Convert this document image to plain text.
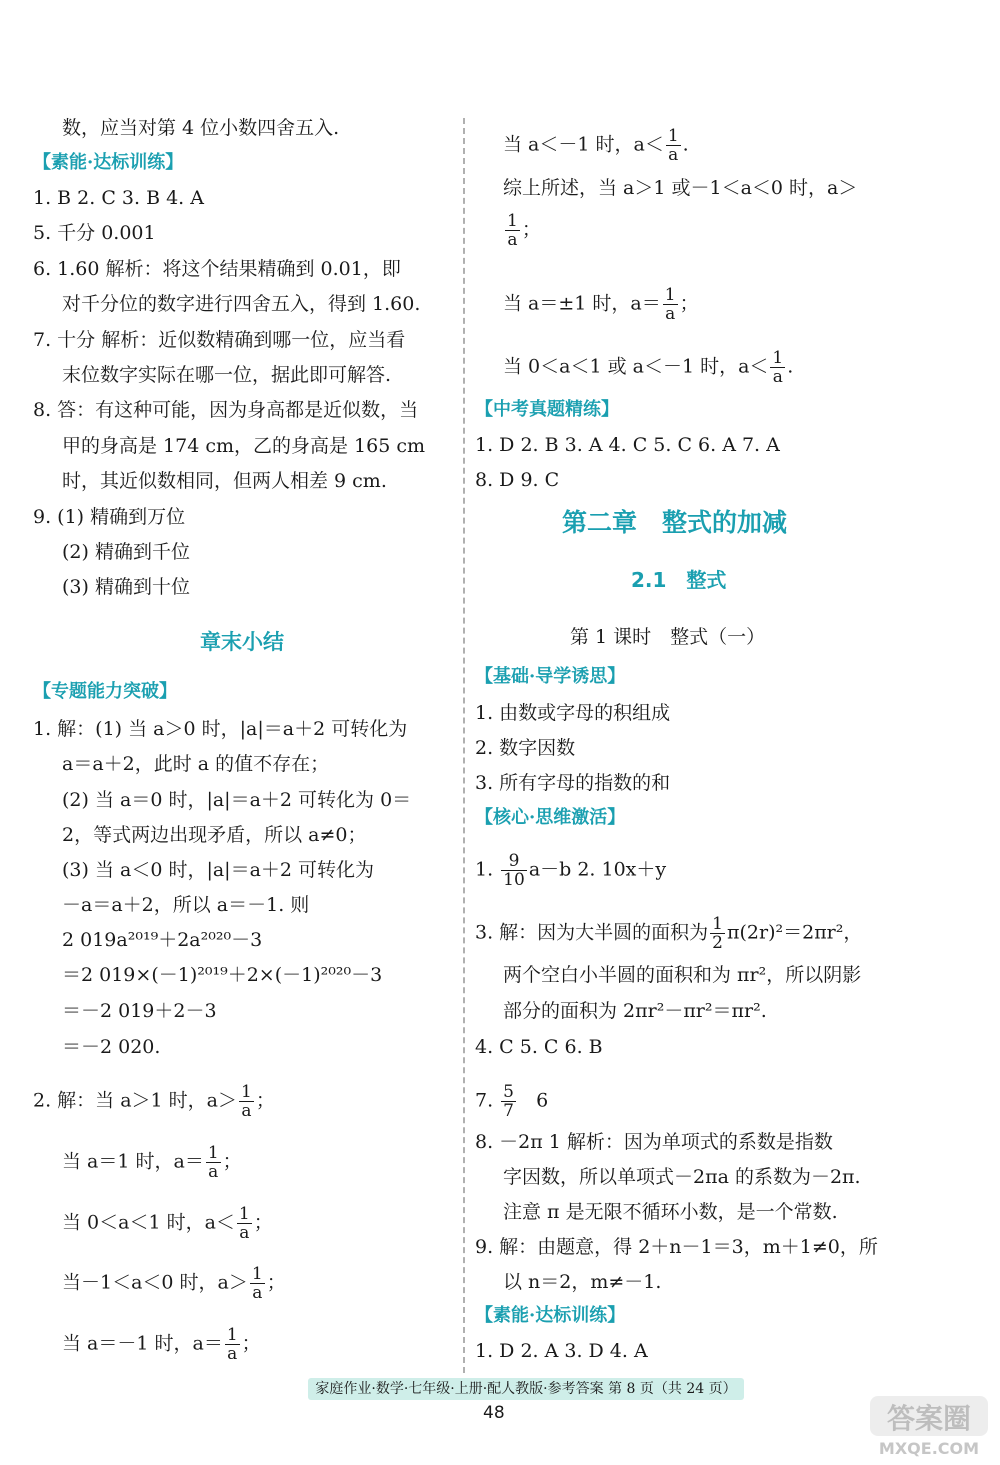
数，应当对第 4 位小数四舍五入.
【素能·达标训练】
1. B 2. C 3. B 4. A
5. 千分 0.001
6. 1.60 解析：将这个结果精确到 0.01，即
对千分位的数字进行四舍五入，得到 1.60.
7. 十分 解析：近似数精确到哪一位，应当看
末位数字实际在哪一位，据此即可解答.
8. 答：有这种可能，因为身高都是近似数，当
甲的身高是 174 cm，乙的身高是 165 cm
时，其近似数相同，但两人相差 9 cm.
9. (1) 精确到万位
(2) 精确到千位
(3) 精确到十位
章末小结
【专题能力突破】
1. 解：(1) 当 a＞0 时，|a|＝a＋2 可转化为
a＝a＋2，此时 a 的值不存在；
(2) 当 a＝0 时，|a|＝a＋2 可转化为 0＝
2，等式两边出现矛盾，所以 a≠0；
(3) 当 a＜0 时，|a|＝a＋2 可转化为
－a＝a＋2，所以 a＝－1. 则
2 019a²⁰¹⁹＋2a²⁰²⁰－3
＝2 019×(－1)²⁰¹⁹＋2×(－1)²⁰²⁰－3
＝－2 019＋2－3
＝－2 020.
2. 解：当 a＞1 时，$a> \frac{1}{a}$ ；
当 a＝1 时，$a= \frac{1}{a}$ ；
当 0＜a＜1 时，$a< \frac{1}{a}$ ；
当－1＜a＜0 时，$a> \frac{1}{a}$ ；
当 a＝－1 时，$a= \frac{1}{a}$ ；
当 a＜－1 时，$a< \frac{1}{a}$ .
综上所述，当 a＞1 或－1＜a＜0 时，a＞
$\frac{1}{a}$ ；
当 a＝±1 时，$a= \frac{1}{a}$ ；
当 0＜a＜1 或 a＜－1 时，$a< \frac{1}{a}$ .
【中考真题精练】
1. D 2. B 3. A 4. C 5. C 6. A 7. A
8. D 9. C
第二章　整式的加减
2.1　整式
第 1 课时　整式（一）
【基础·导学诱思】
1. 由数或字母的积组成
2. 数字因数
3. 所有字母的指数的和
【核心·思维激活】
1. $\frac{9}{10} a-b$ 2. 10x＋y
3. 解：因为大半圆的面积为 $\frac{1}{2} \pi(2r)^2=2\pi r^2$，
两个空白小半圆的面积和为 πr²，所以阴影
部分的面积为 2πr²－πr²＝πr².
4. C 5. C 6. B
7. $\frac{5}{7} 6$
8. －2π 1 解析：因为单项式的系数是指数
字因数，所以单项式－2πa 的系数为－2π.
注意 π 是无限不循环小数，是一个常数.
9. 解：由题意，得 2＋n－1＝3，m＋1≠0，所
以 n＝2，m≠－1.
【素能·达标训练】
1. D 2. A 3. D 4. A
家庭作业·数学·七年级·上册·配人教版·参考答案 第 8 页（共 24 页）
48	答案圈
MXQE.COM
